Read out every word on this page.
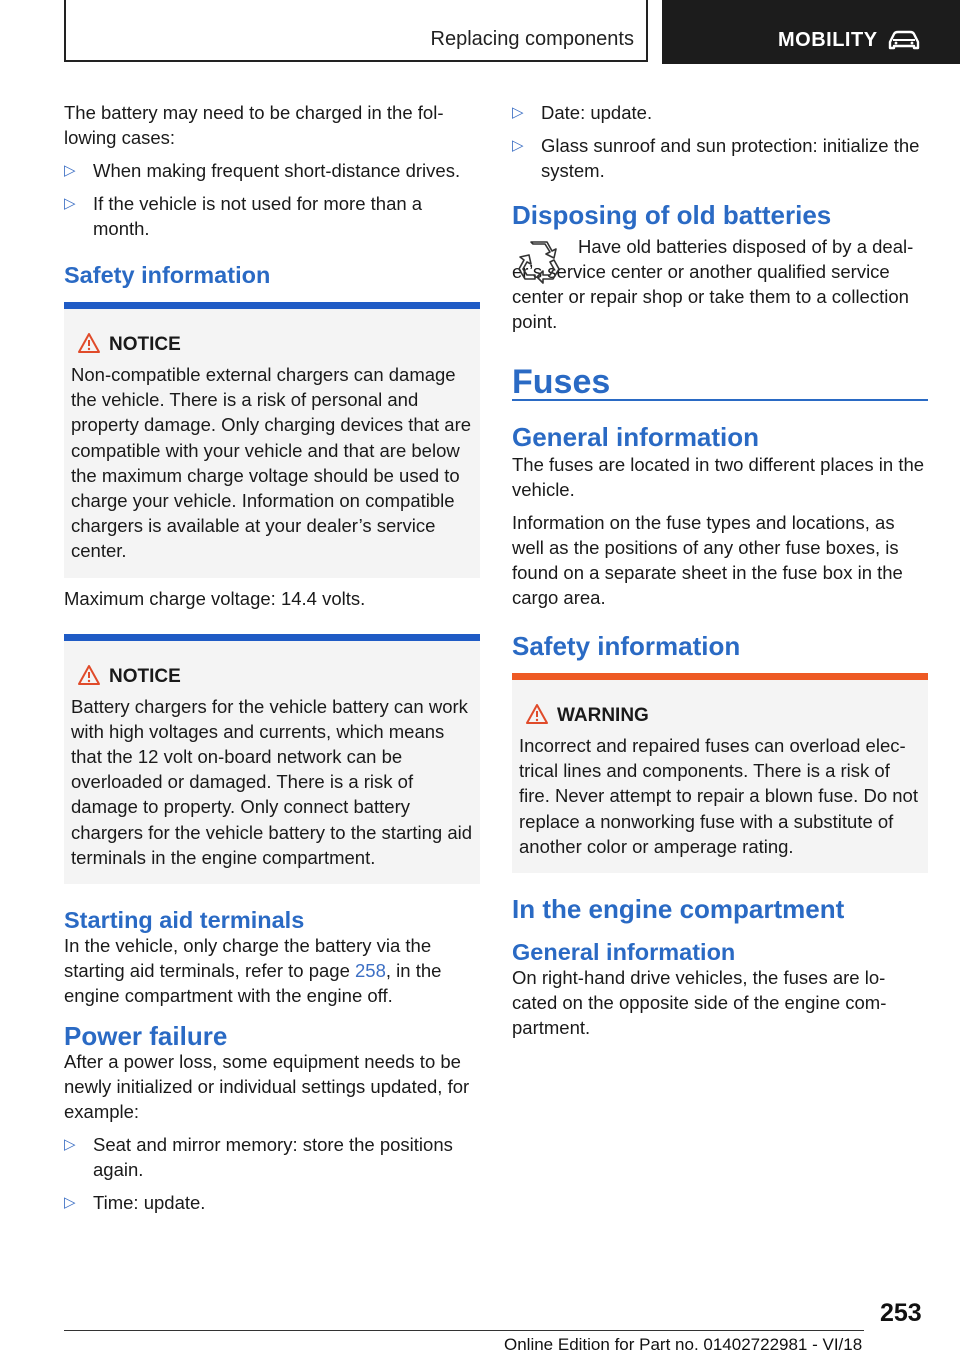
Replacing components	MOBILITY

The battery may need to be charged in the fol‐lowing cases:

▷ When making frequent short‐distance drives.
▷ If the vehicle is not used for more than a month.
Safety information
NOTICE
Non-compatible external chargers can damage the vehicle. There is a risk of personal and property damage. Only charging devices that are compatible with your vehicle and that are below the maximum charge voltage should be used to charge your vehicle. Information on compatible chargers is available at your dealer’s service center.

Maximum charge voltage: 14.4 volts.

NOTICE
Battery chargers for the vehicle battery can work with high voltages and currents, which means that the 12 volt on-board network can be overloaded or damaged. There is a risk of damage to property. Only connect battery chargers for the vehicle battery to the starting aid terminals in the engine compartment.
Starting aid terminals

In the vehicle, only charge the battery via the starting aid terminals, refer to page 258, in the engine compartment with the engine off.

Power failure

After a power loss, some equipment needs to be newly initialized or individual settings updated, for example:

▷ Seat and mirror memory: store the positions again.
▷ Time: update.
▷ Date: update.
▷ Glass sunroof and sun protection: initialize the system.
Disposing of old batteries
Have old batteries disposed of by a deal‐er’s service center or another qualified service center or repair shop or take them to a collection point.
Fuses
General information

The fuses are located in two different places in the vehicle.

Information on the fuse types and locations, as well as the positions of any other fuse boxes, is found on a separate sheet in the fuse box in the cargo area.

Safety information
WARNING
Incorrect and repaired fuses can overload elec‐trical lines and components. There is a risk of fire. Never attempt to repair a blown fuse. Do not replace a nonworking fuse with a substitute of another color or amperage rating.
In the engine compartment
General information

On right-hand drive vehicles, the fuses are lo‐cated on the opposite side of the engine com‐partment.

253
Online Edition for Part no. 01402722981 - VI/18
